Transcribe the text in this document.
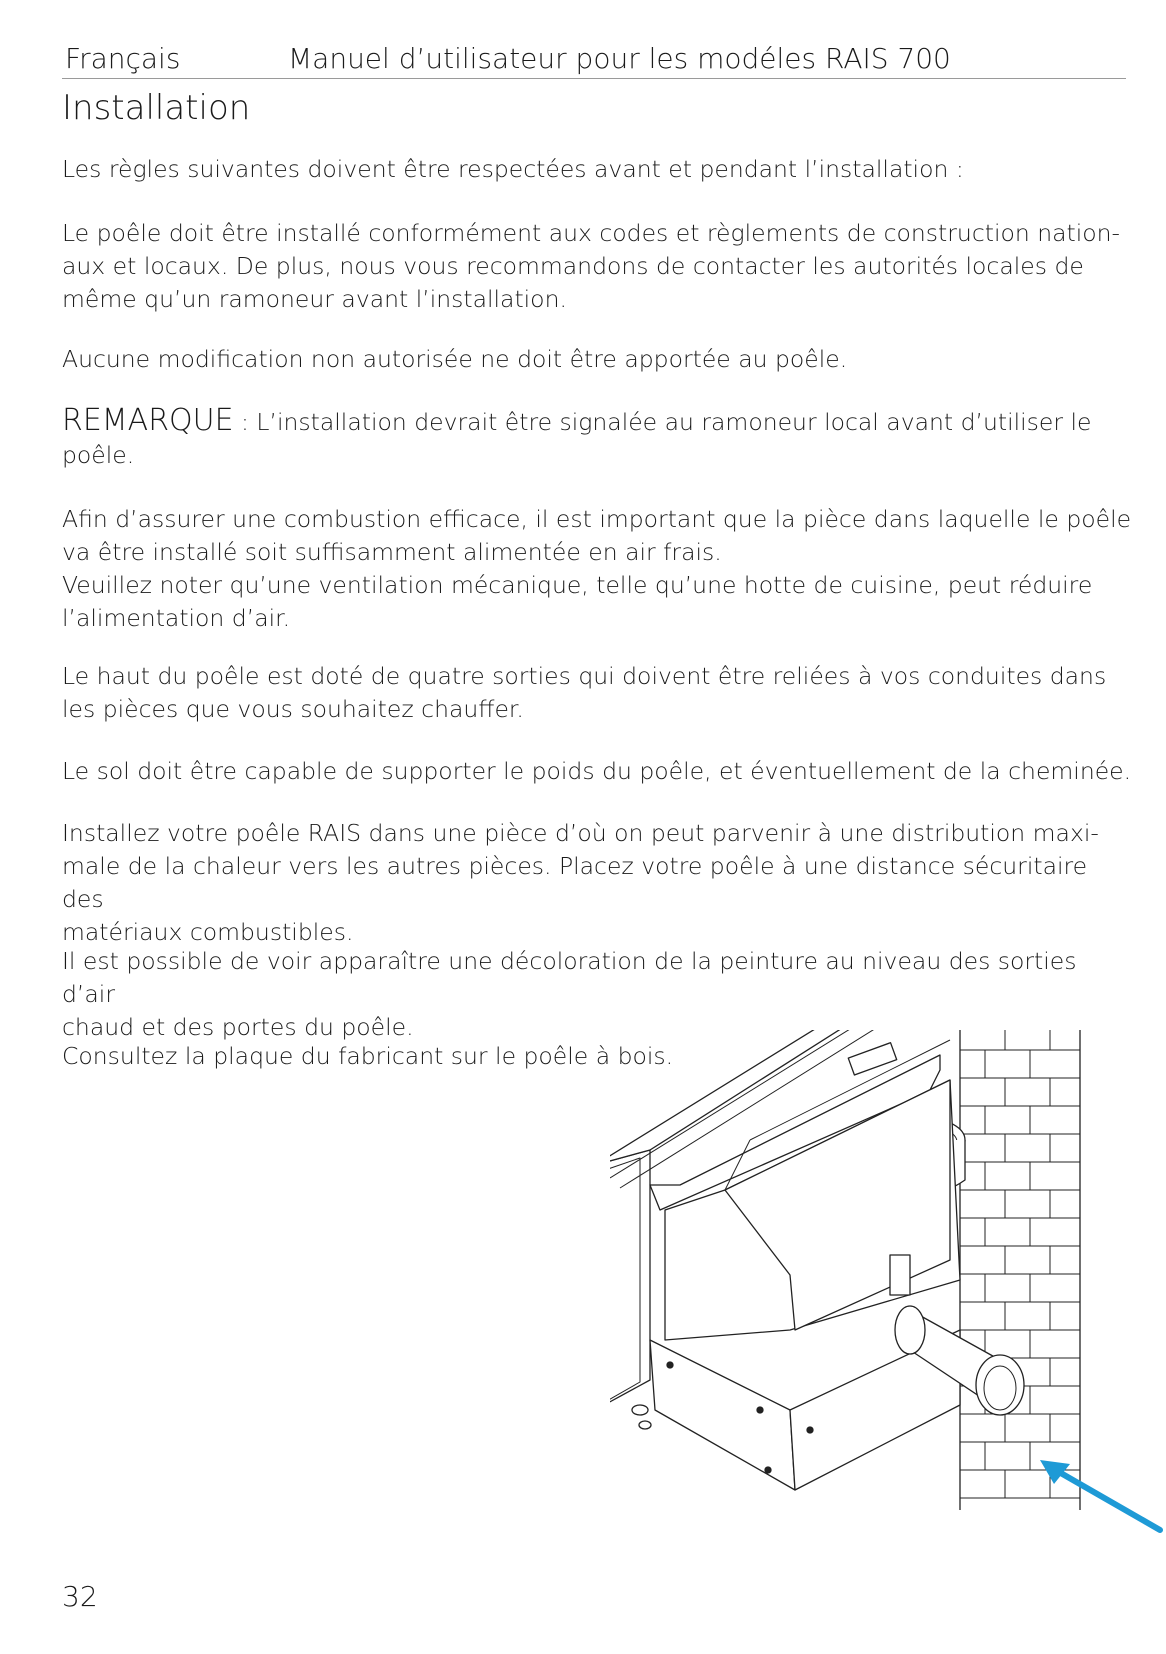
Français	Manuel d’utilisateur pour les modéles RAIS 700
Installation

Les règles suivantes doivent être respectées avant et pendant l’installation :

Le poêle doit être installé conformément aux codes et règlements de construction nation-
aux et locaux. De plus, nous vous recommandons de contacter les autorités locales de
même qu’un ramoneur avant l’installation.

Aucune modification non autorisée ne doit être apportée au poêle.

REMARQUE : L’installation devrait être signalée au ramoneur local avant d’utiliser le
poêle.

Afin d’assurer une combustion efficace, il est important que la pièce dans laquelle le poêle
va être installé soit suffisamment alimentée en air frais.
Veuillez noter qu’une ventilation mécanique, telle qu’une hotte de cuisine, peut réduire
l’alimentation d’air.

Le haut du poêle est doté de quatre sorties qui doivent être reliées à vos conduites dans
les pièces que vous souhaitez chauffer.

Le sol doit être capable de supporter le poids du poêle, et éventuellement de la cheminée.

Installez votre poêle RAIS dans une pièce d’où on peut parvenir à une distribution maxi-
male de la chaleur vers les autres pièces. Placez votre poêle à une distance sécuritaire des
matériaux combustibles.

Il est possible de voir apparaître une décoloration de la peinture au niveau des sorties d’air
chaud et des portes du poêle.

Consultez la plaque du fabricant sur le poêle à bois.

32
